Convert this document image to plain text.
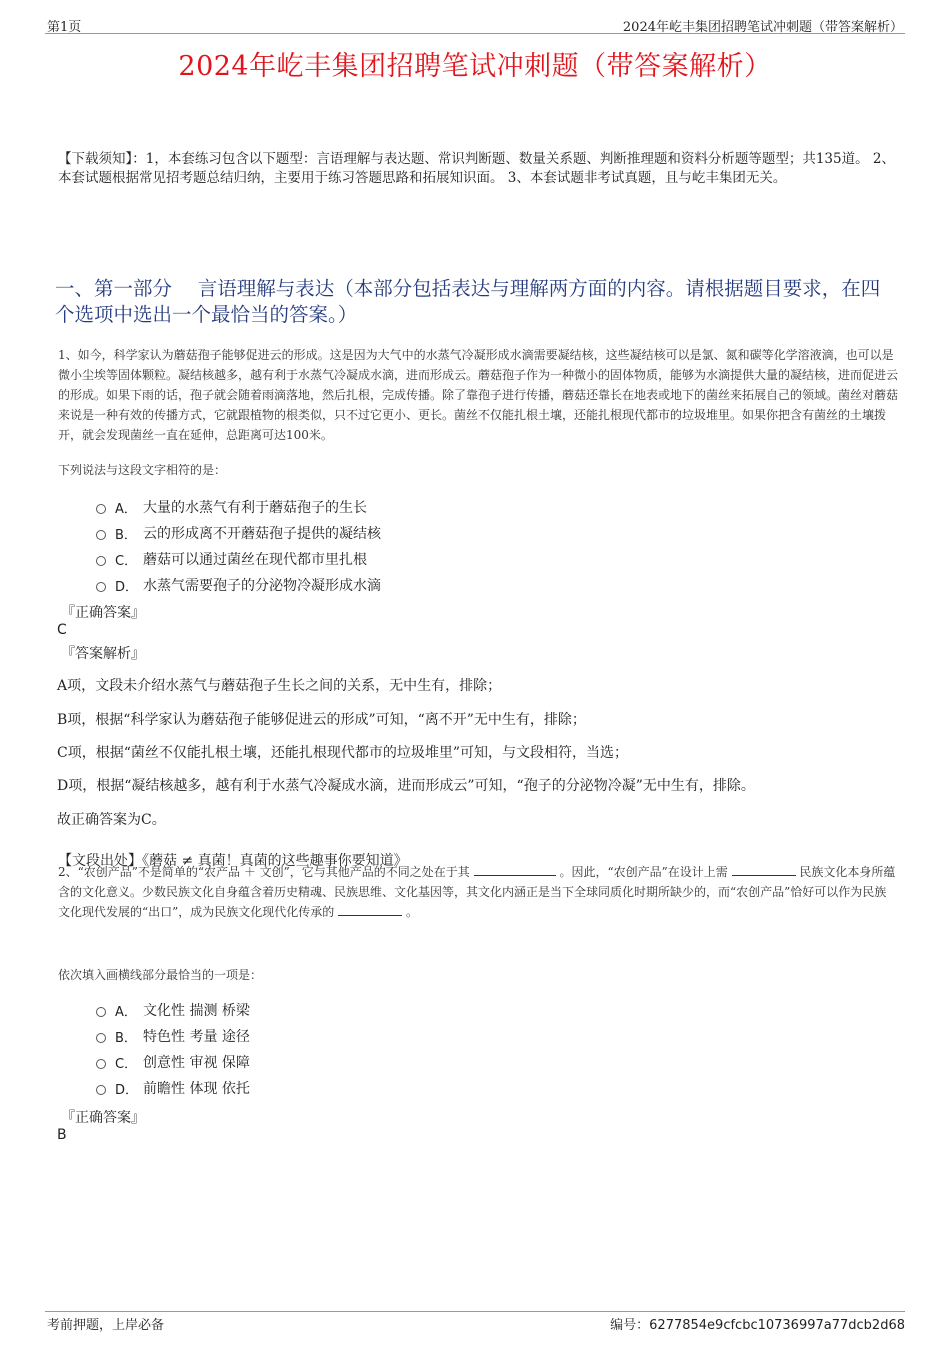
第1页	2024年屹丰集团招聘笔试冲刺题（带答案解析）
2024年屹丰集团招聘笔试冲刺题（带答案解析）
【下载须知】：1，本套练习包含以下题型：言语理解与表达题、常识判断题、数量关系题、判断推理题和资料分析题等题型；共135道。 2、本套试题根据常见招考题总结归纳，主要用于练习答题思路和拓展知识面。 3、本套试题非考试真题，且与屹丰集团无关。
一、第一部分　 言语理解与表达（本部分包括表达与理解两方面的内容。请根据题目要求，在四个选项中选出一个最恰当的答案。）
1、如今，科学家认为蘑菇孢子能够促进云的形成。这是因为大气中的水蒸气冷凝形成水滴需要凝结核，这些凝结核可以是氯、氮和碳等化学溶液滴，也可以是微小尘埃等固体颗粒。凝结核越多，越有利于水蒸气冷凝成水滴，进而形成云。蘑菇孢子作为一种微小的固体物质，能够为水滴提供大量的凝结核，进而促进云的形成。如果下雨的话，孢子就会随着雨滴落地，然后扎根，完成传播。除了靠孢子进行传播，蘑菇还靠长在地表或地下的菌丝来拓展自己的领域。菌丝对蘑菇来说是一种有效的传播方式，它就跟植物的根类似，只不过它更小、更长。菌丝不仅能扎根土壤，还能扎根现代都市的垃圾堆里。如果你把含有菌丝的土壤拨开，就会发现菌丝一直在延伸，总距离可达100米。
下列说法与这段文字相符的是：
A． 大量的水蒸气有利于蘑菇孢子的生长
B． 云的形成离不开蘑菇孢子提供的凝结核
C． 蘑菇可以通过菌丝在现代都市里扎根
D． 水蒸气需要孢子的分泌物冷凝形成水滴
『正确答案』
C
『答案解析』
A项，文段未介绍水蒸气与蘑菇孢子生长之间的关系，无中生有，排除；
B项，根据“科学家认为蘑菇孢子能够促进云的形成”可知，“离不开”无中生有，排除；
C项，根据“菌丝不仅能扎根土壤，还能扎根现代都市的垃圾堆里”可知，与文段相符，当选；
D项，根据“凝结核越多，越有利于水蒸气冷凝成水滴，进而形成云”可知，“孢子的分泌物冷凝”无中生有，排除。
故正确答案为C。
【文段出处】《蘑菇 ≠ 真菌！真菌的这些趣事你要知道》
2、“农创产品”不是简单的“农产品 ＋ 文创”，它与其他产品的不同之处在于其	。因此，“农创产品”在设计上需	民族文化本身所蕴含的文化意义。少数民族文化自身蕴含着历史精魂、民族思维、文化基因等，其文化内涵正是当下全球同质化时期所缺少的，而“农创产品”恰好可以作为民族文化现代发展的“出口”，成为民族文化现代化传承的	。
依次填入画横线部分最恰当的一项是：
A． 文化性 揣测 桥梁
B． 特色性 考量 途径
C． 创意性 审视 保障
D． 前瞻性 体现 依托
『正确答案』
B
考前押题，上岸必备	编号：6277854e9cfcbc10736997a77dcb2d68
